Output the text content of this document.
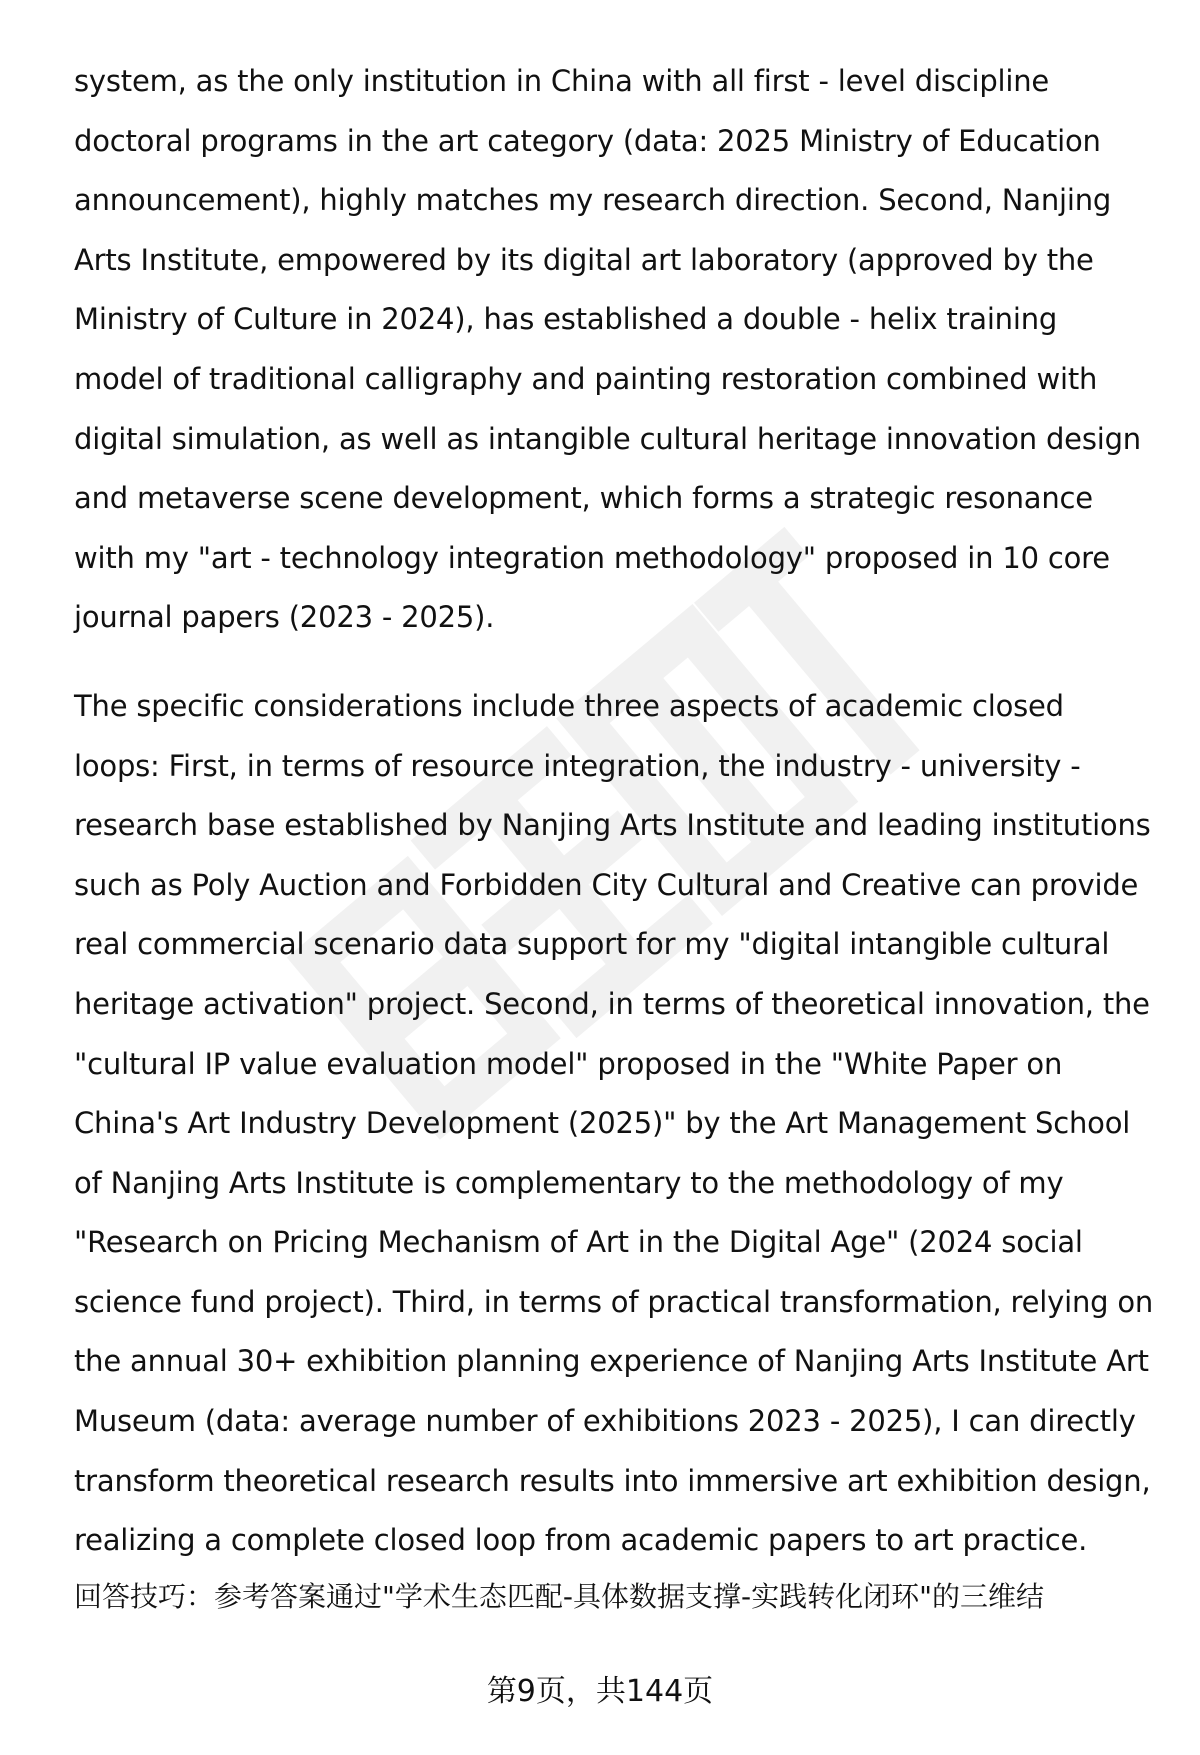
system, as the only institution in China with all first - level discipline doctoral programs in the art category (data: 2025 Ministry of Education announcement), highly matches my research direction. Second, Nanjing Arts Institute, empowered by its digital art laboratory (approved by the Ministry of Culture in 2024), has established a double - helix training model of traditional calligraphy and painting restoration combined with digital simulation, as well as intangible cultural heritage innovation design and metaverse scene development, which forms a strategic resonance with my "art - technology integration methodology" proposed in 10 core journal papers (2023 - 2025).

The specific considerations include three aspects of academic closed loops: First, in terms of resource integration, the industry - university - research base established by Nanjing Arts Institute and leading institutions such as Poly Auction and Forbidden City Cultural and Creative can provide real commercial scenario data support for my "digital intangible cultural heritage activation" project. Second, in terms of theoretical innovation, the "cultural IP value evaluation model" proposed in the "White Paper on China's Art Industry Development (2025)" by the Art Management School of Nanjing Arts Institute is complementary to the methodology of my "Research on Pricing Mechanism of Art in the Digital Age" (2024 social science fund project). Third, in terms of practical transformation, relying on the annual 30+ exhibition planning experience of Nanjing Arts Institute Art Museum (data: average number of exhibitions 2023 - 2025), I can directly transform theoretical research results into immersive art exhibition design, realizing a complete closed loop from academic papers to art practice.

回答技巧：参考答案通过"学术生态匹配-具体数据支撑-实践转化闭环"的三维结
第9页，共144页
